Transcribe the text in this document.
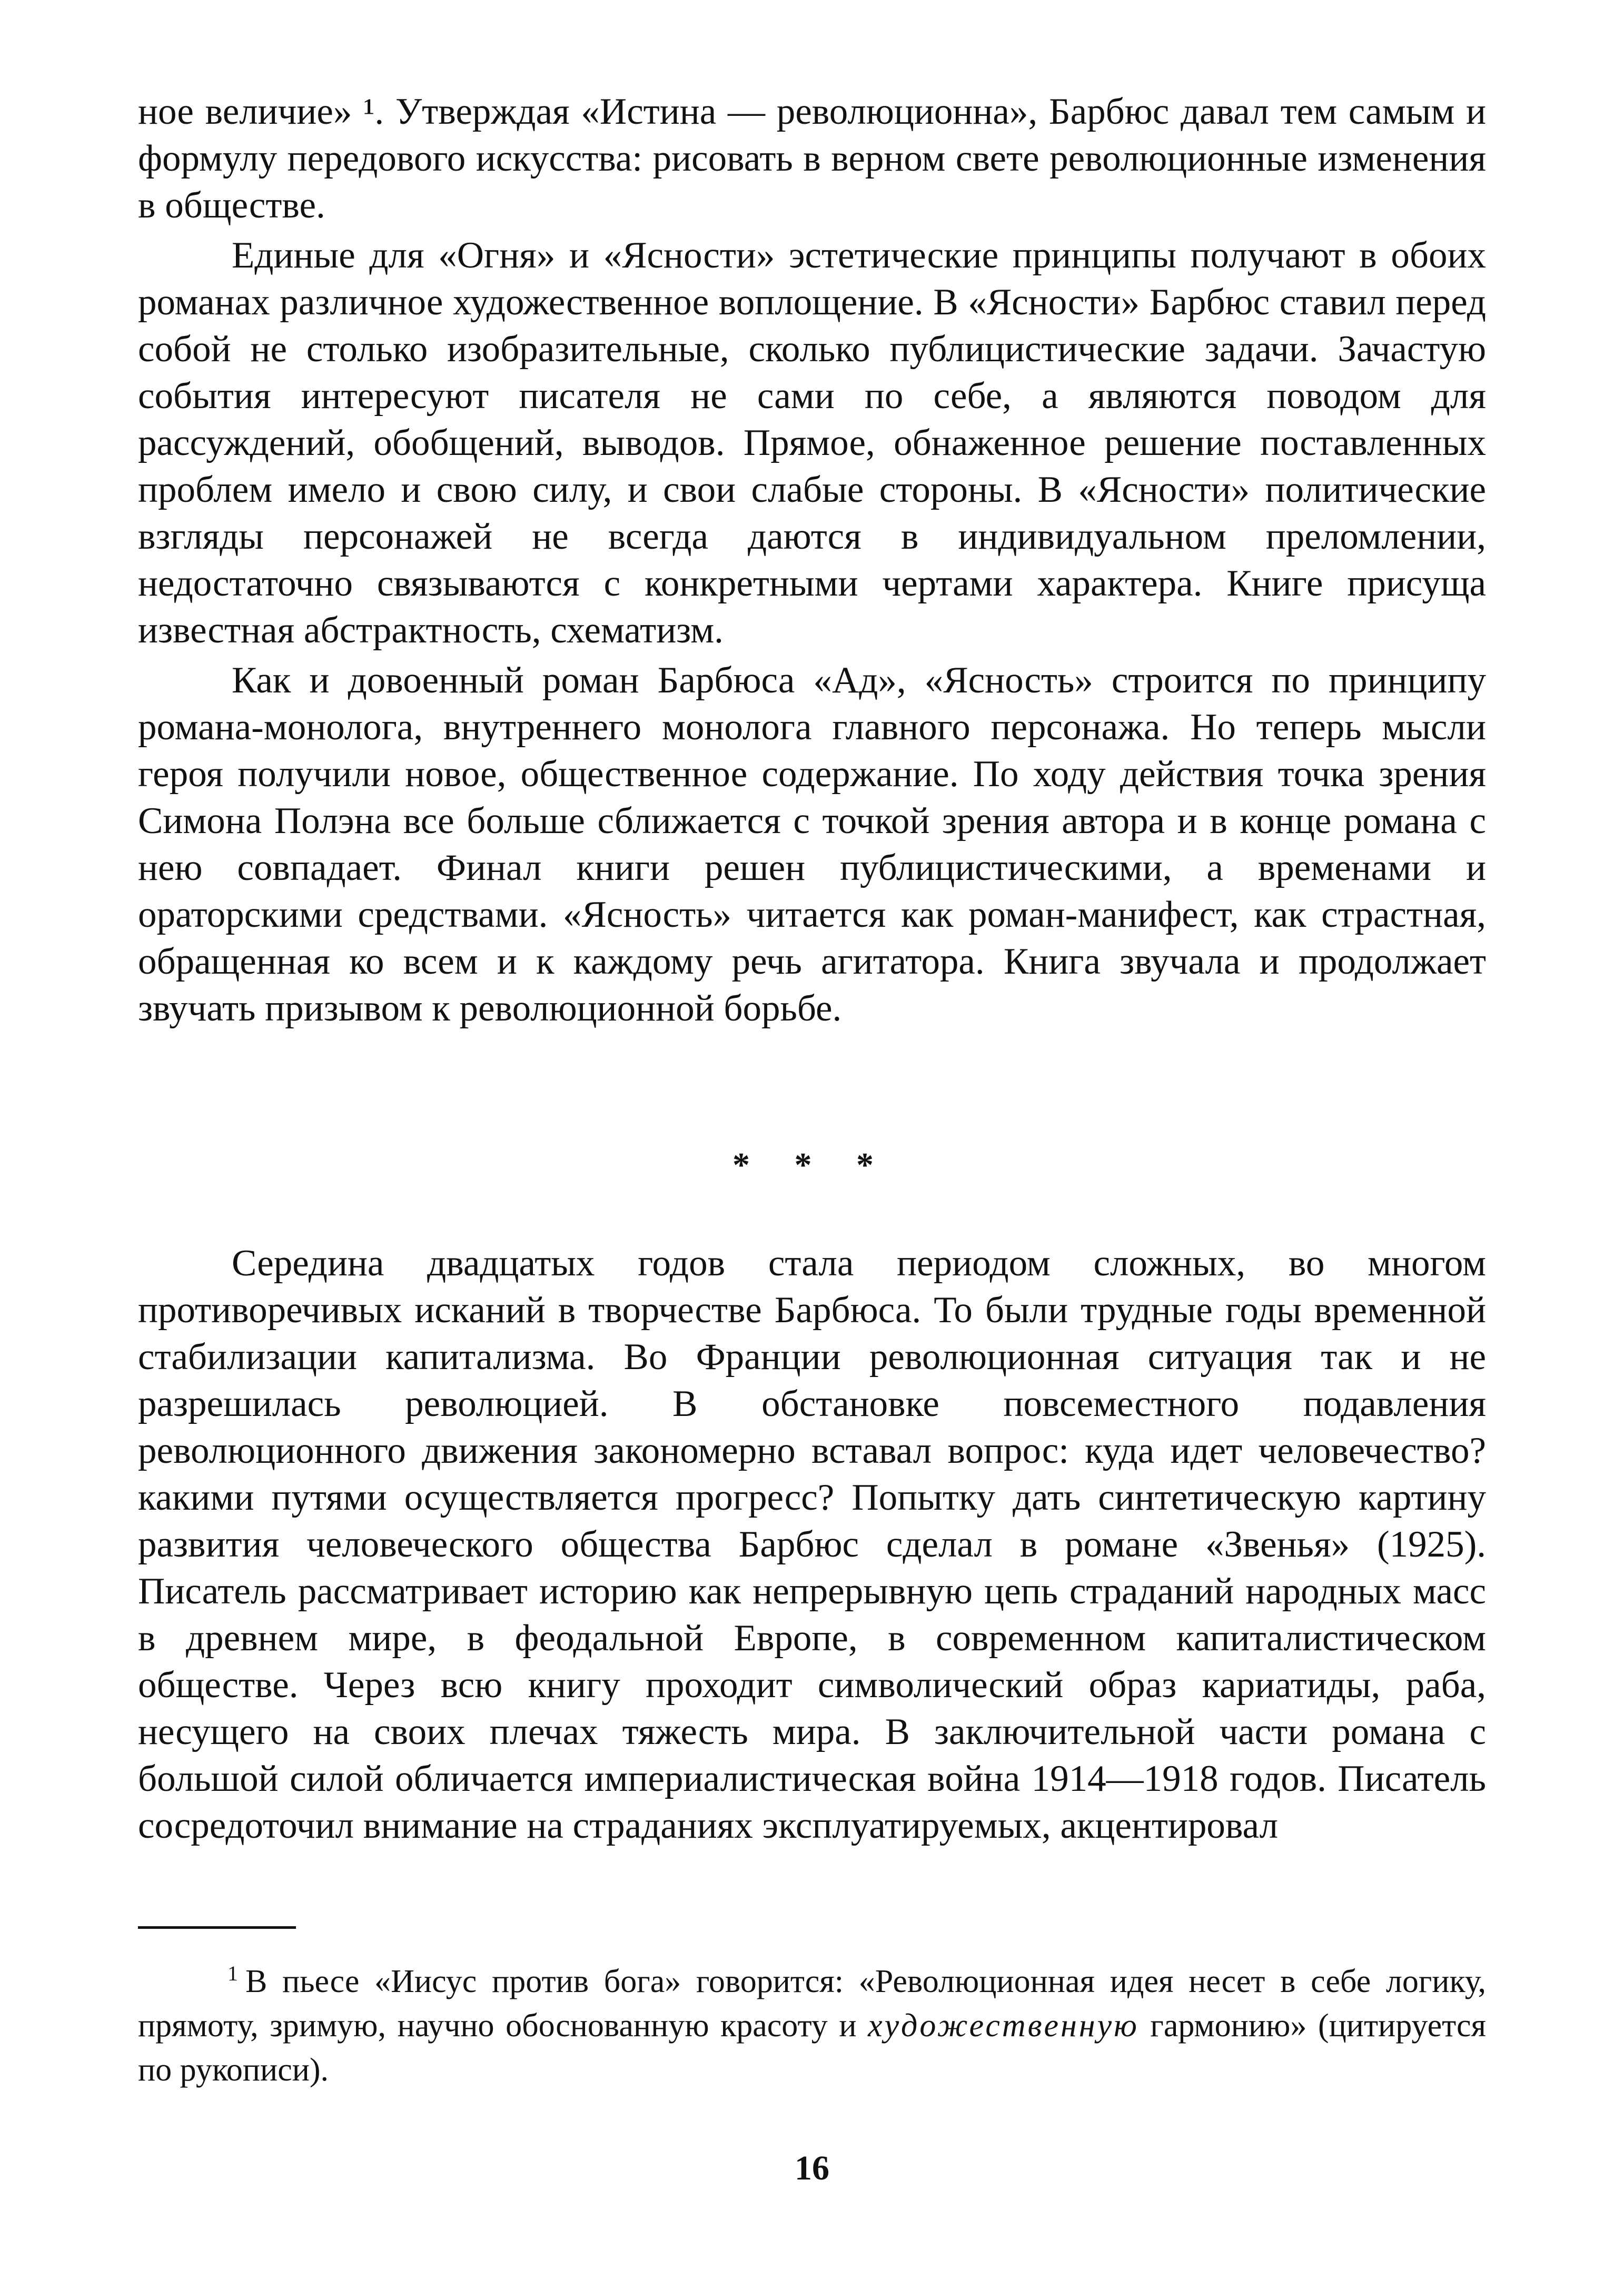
ное величие» ¹. Утверждая «Истина — революционна», Барбюс давал тем самым и формулу передового искусства: рисовать в верном свете революционные изменения в обществе.

Единые для «Огня» и «Ясности» эстетические принципы получают в обоих романах различное художественное воплощение. В «Ясности» Барбюс ставил перед собой не столько изобразительные, сколько публицистические задачи. Зачастую события интересуют писателя не сами по себе, а являются поводом для рассуждений, обобщений, выводов. Прямое, обнаженное решение поставленных проблем имело и свою силу, и свои слабые стороны. В «Ясности» политические взгляды персонажей не всегда даются в индивидуальном преломлении, недостаточно связываются с конкретными чертами характера. Книге присуща известная абстрактность, схематизм.

Как и довоенный роман Барбюса «Ад», «Ясность» строится по принципу романа-монолога, внутреннего монолога главного персонажа. Но теперь мысли героя получили новое, общественное содержание. По ходу действия точка зрения Симона Полэна все больше сближается с точкой зрения автора и в конце романа с нею совпадает. Финал книги решен публицистическими, а временами и ораторскими средствами. «Ясность» читается как роман-манифест, как страстная, обращенная ко всем и к каждому речь агитатора. Книга звучала и продолжает звучать призывом к революционной борьбе.

* * *

Середина двадцатых годов стала периодом сложных, во многом противоречивых исканий в творчестве Барбюса. То были трудные годы временной стабилизации капитализма. Во Франции революционная ситуация так и не разрешилась революцией. В обстановке повсеместного подавления революционного движения закономерно вставал вопрос: куда идет человечество? какими путями осуществляется прогресс? Попытку дать синтетическую картину развития человеческого общества Барбюс сделал в романе «Звенья» (1925). Писатель рассматривает историю как непрерывную цепь страданий народных масс в древнем мире, в феодальной Европе, в современном капиталистическом обществе. Через всю книгу проходит символический образ кариатиды, раба, несущего на своих плечах тяжесть мира. В заключительной части романа с большой силой обличается империалистическая война 1914—1918 годов. Писатель сосредоточил внимание на страданиях эксплуатируемых, акцентировал

$^1$ В пьесе «Иисус против бога» говорится: «Революционная идея несет в себе логику, прямоту, зримую, научно обоснованную красоту и художественную гармонию» (цитируется по рукописи).

16
